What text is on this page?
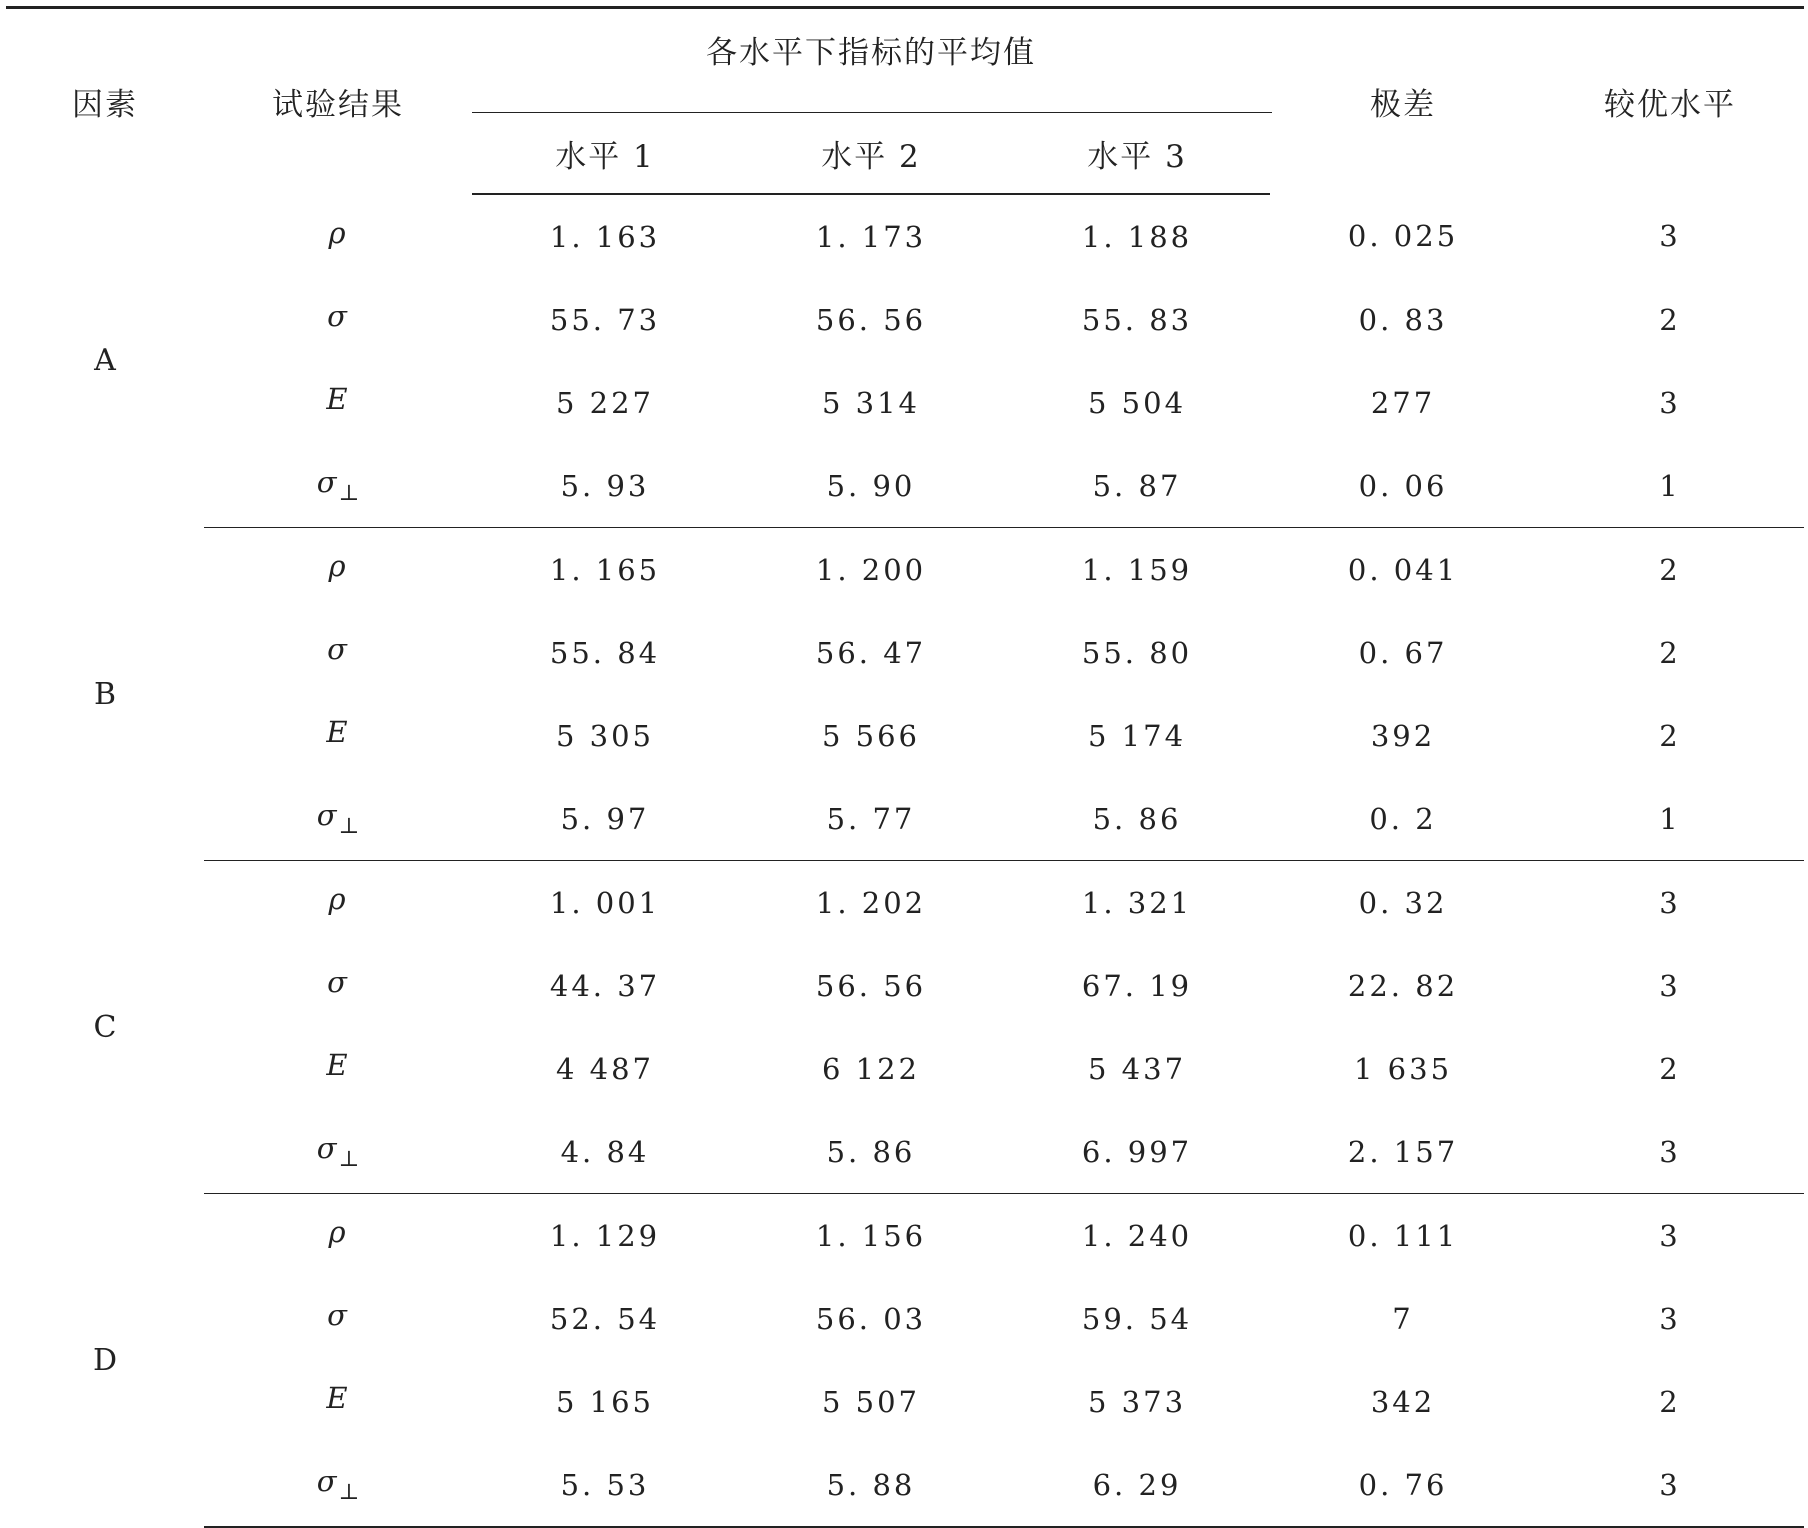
因素	试验结果	各水平下指标的平均值			极差	较优水平
		水平 1	水平 2	水平 3		
A	ρ	1. 163	1. 173	1. 188	0. 025	3
	σ	55. 73	56. 56	55. 83	0. 83	2
	E	5 227	5 314	5 504	277	3
	$\sigma_\perp$	5. 93	5. 90	5. 87	0. 06	1
B	ρ	1. 165	1. 200	1. 159	0. 041	2
	σ	55. 84	56. 47	55. 80	0. 67	2
	E	5 305	5 566	5 174	392	2
	$\sigma_\perp$	5. 97	5. 77	5. 86	0. 2	1
C	ρ	1. 001	1. 202	1. 321	0. 32	3
	σ	44. 37	56. 56	67. 19	22. 82	3
	E	4 487	6 122	5 437	1 635	2
	$\sigma_\perp$	4. 84	5. 86	6. 997	2. 157	3
D	ρ	1. 129	1. 156	1. 240	0. 111	3
	σ	52. 54	56. 03	59. 54	7	3
	E	5 165	5 507	5 373	342	2
	$\sigma_\perp$	5. 53	5. 88	6. 29	0. 76	3
